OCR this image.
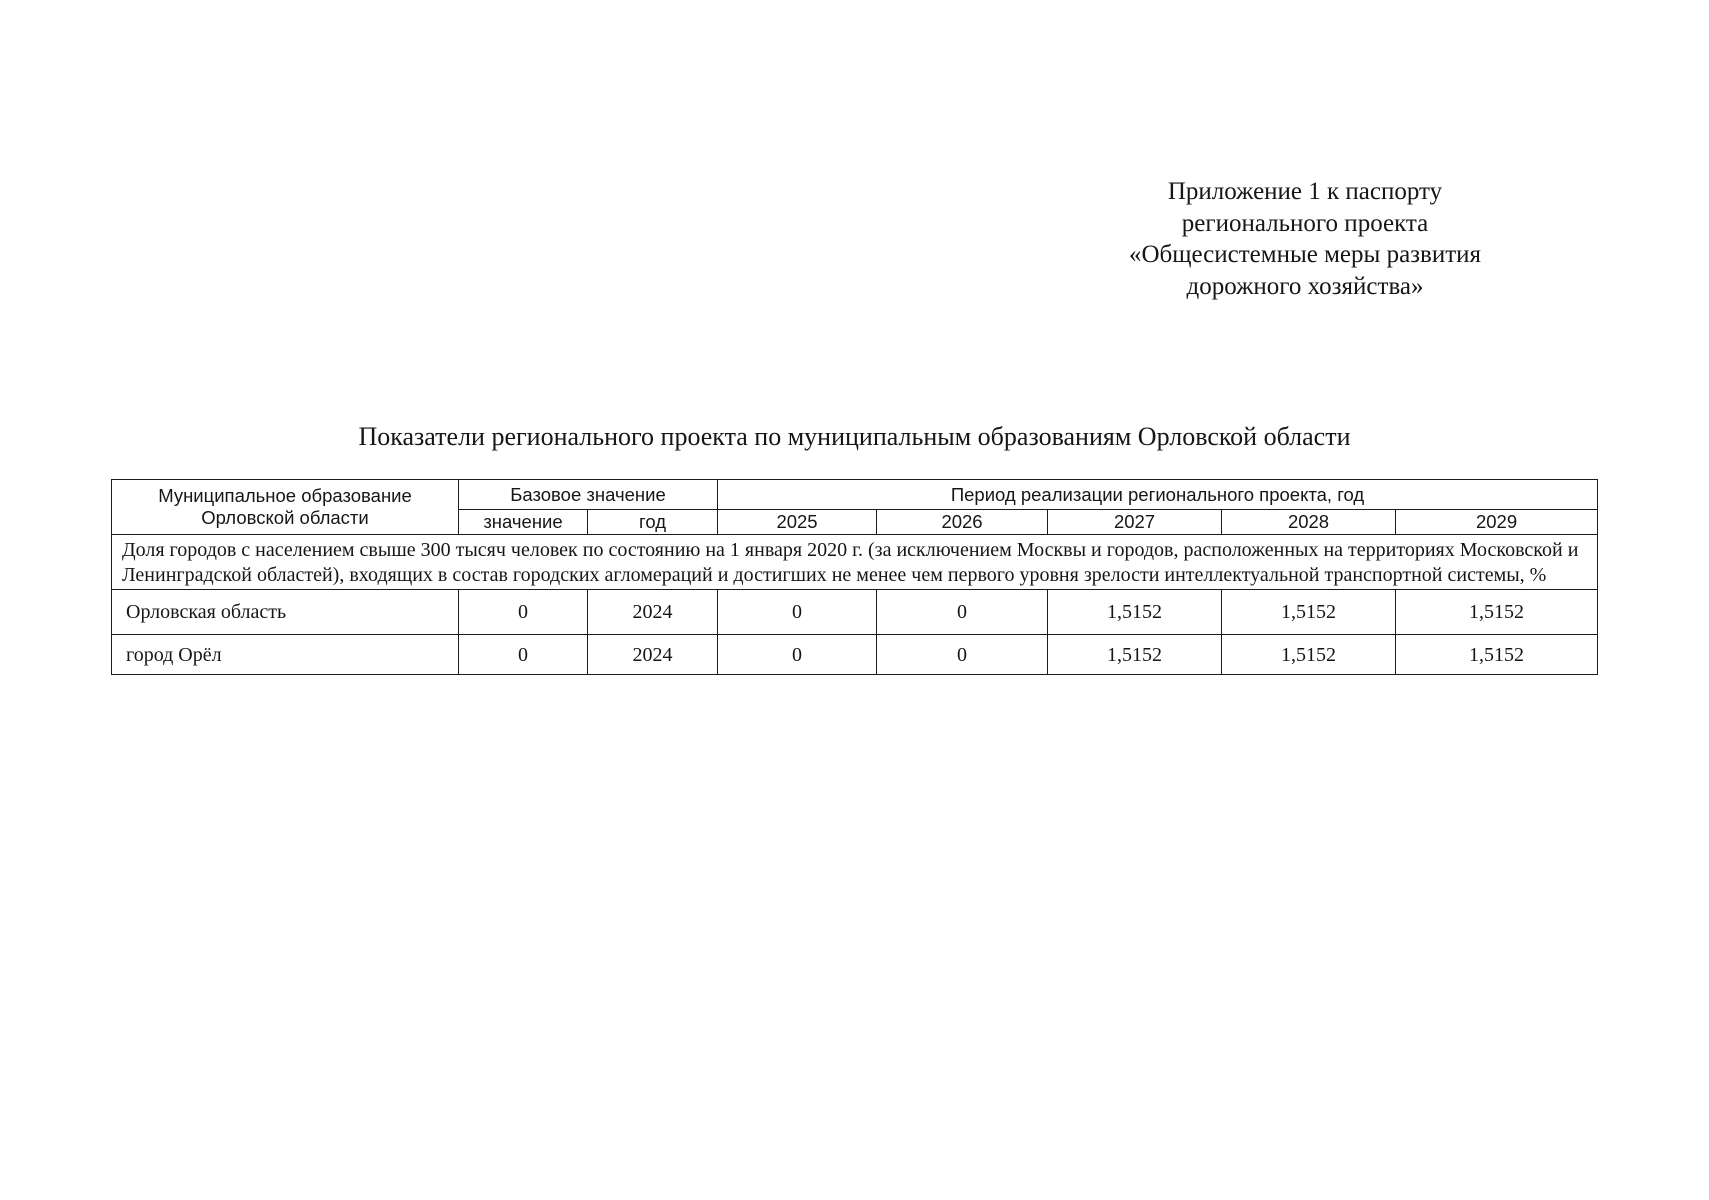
Приложение 1 к паспорту
регионального проекта
«Общесистемные меры развития
дорожного хозяйства»
Показатели регионального проекта по муниципальным образованиям Орловской области
Муниципальное образование
Орловской области	Базовое значение		Период реализации регионального проекта, год				
	значение	год	2025	2026	2027	2028	2029
Доля городов с населением свыше 300 тысяч человек по состоянию на 1 января 2020 г. (за исключением Москвы и городов, расположенных на территориях Московской и Ленинградской областей), входящих в состав городских агломераций и достигших не менее чем первого уровня зрелости интеллектуальной транспортной системы, %							
Орловская область	0	2024	0	0	1,5152	1,5152	1,5152
город Орёл	0	2024	0	0	1,5152	1,5152	1,5152
